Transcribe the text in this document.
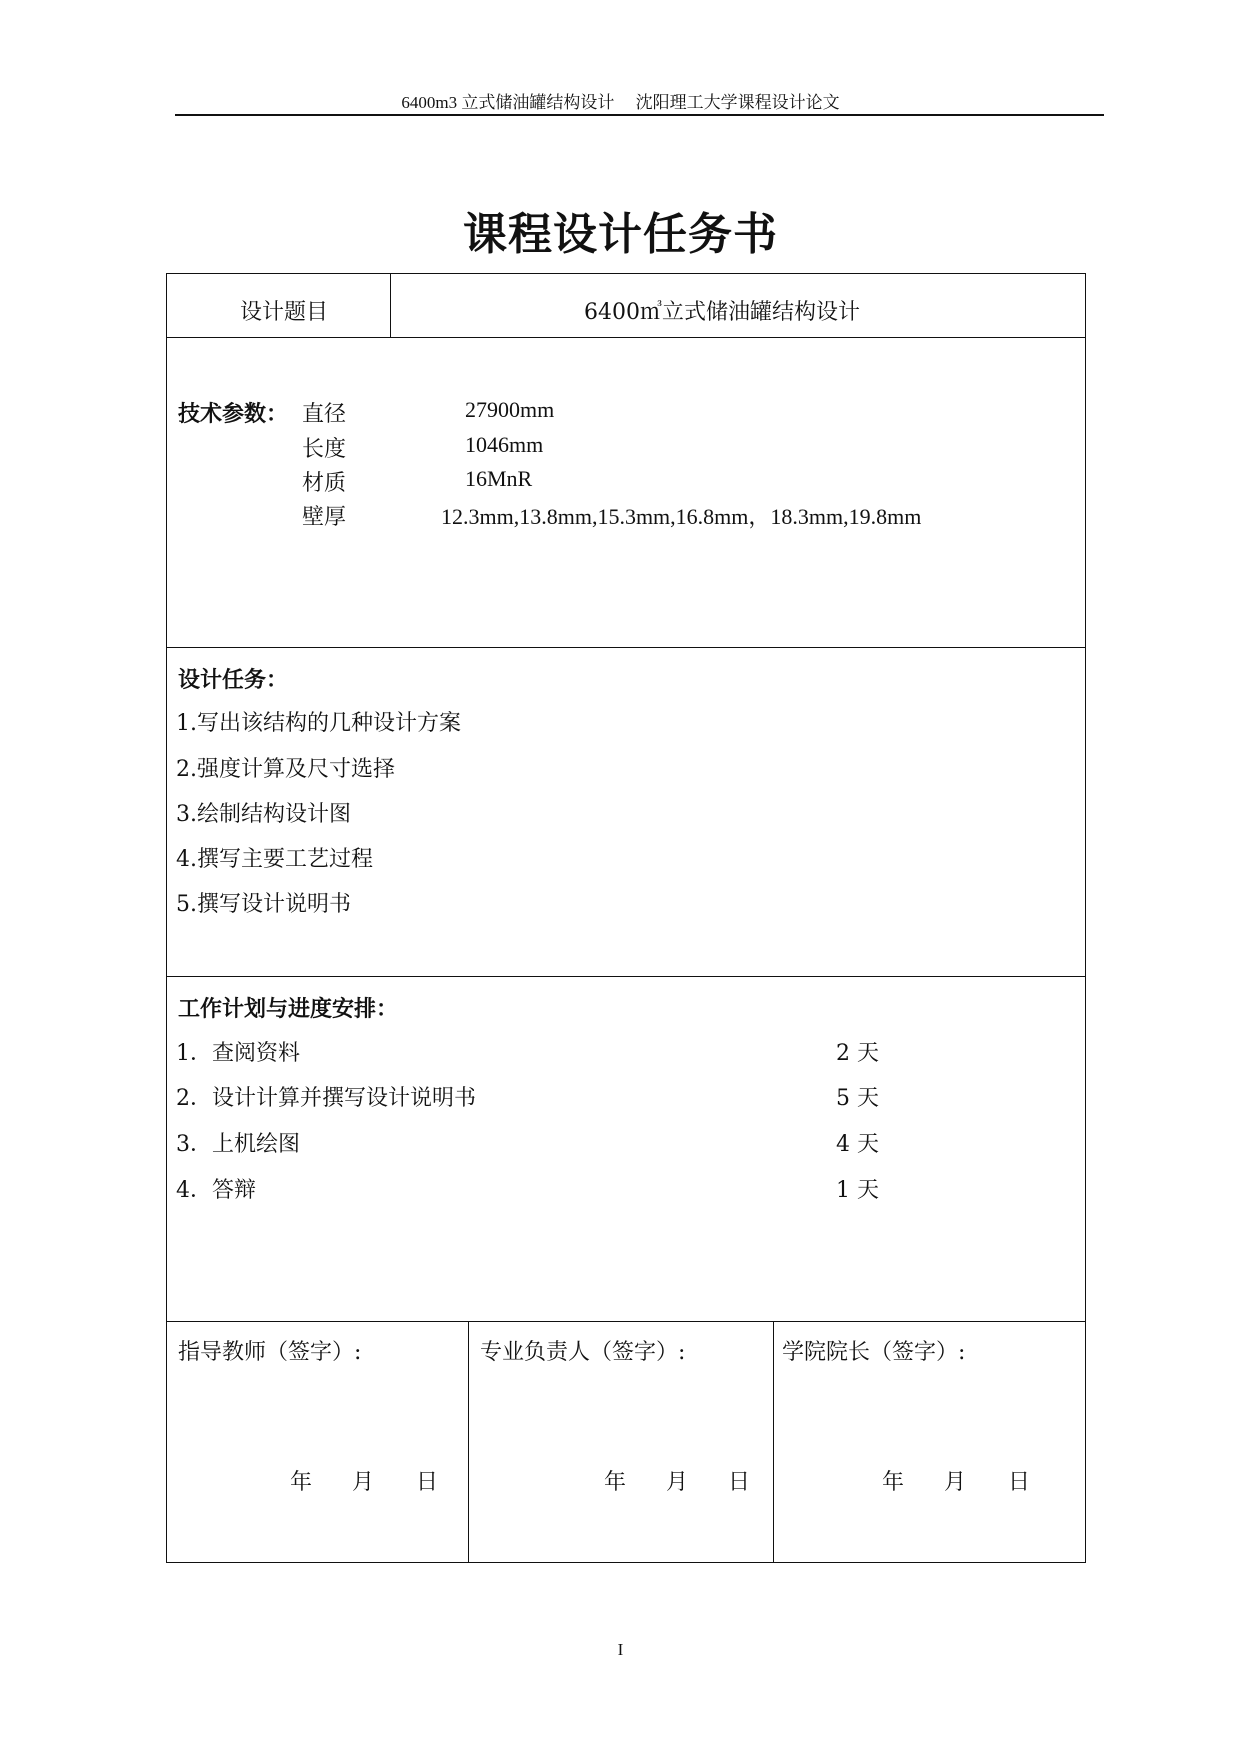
6400m3 立式储油罐结构设计　 沈阳理工大学课程设计论文
课程设计任务书
设计题目	6400㎥立式储油罐结构设计
技术参数： 直径	27900mm
长度	1046mm
材质	16MnR
壁厚	12.3mm,13.8mm,15.3mm,16.8mm，18.3mm,19.8mm
设计任务：
1.写出该结构的几种设计方案
2.强度计算及尺寸选择
3.绘制结构设计图
4.撰写主要工艺过程
5.撰写设计说明书
工作计划与进度安排：
1．查阅资料	2 天
2．设计计算并撰写设计说明书	5 天
3．上机绘图	4 天
4．答辩	1 天
指导教师（签字）:
年 月 日
专业负责人（签字）:
年 月 日
学院院长（签字）:
年 月 日
I
